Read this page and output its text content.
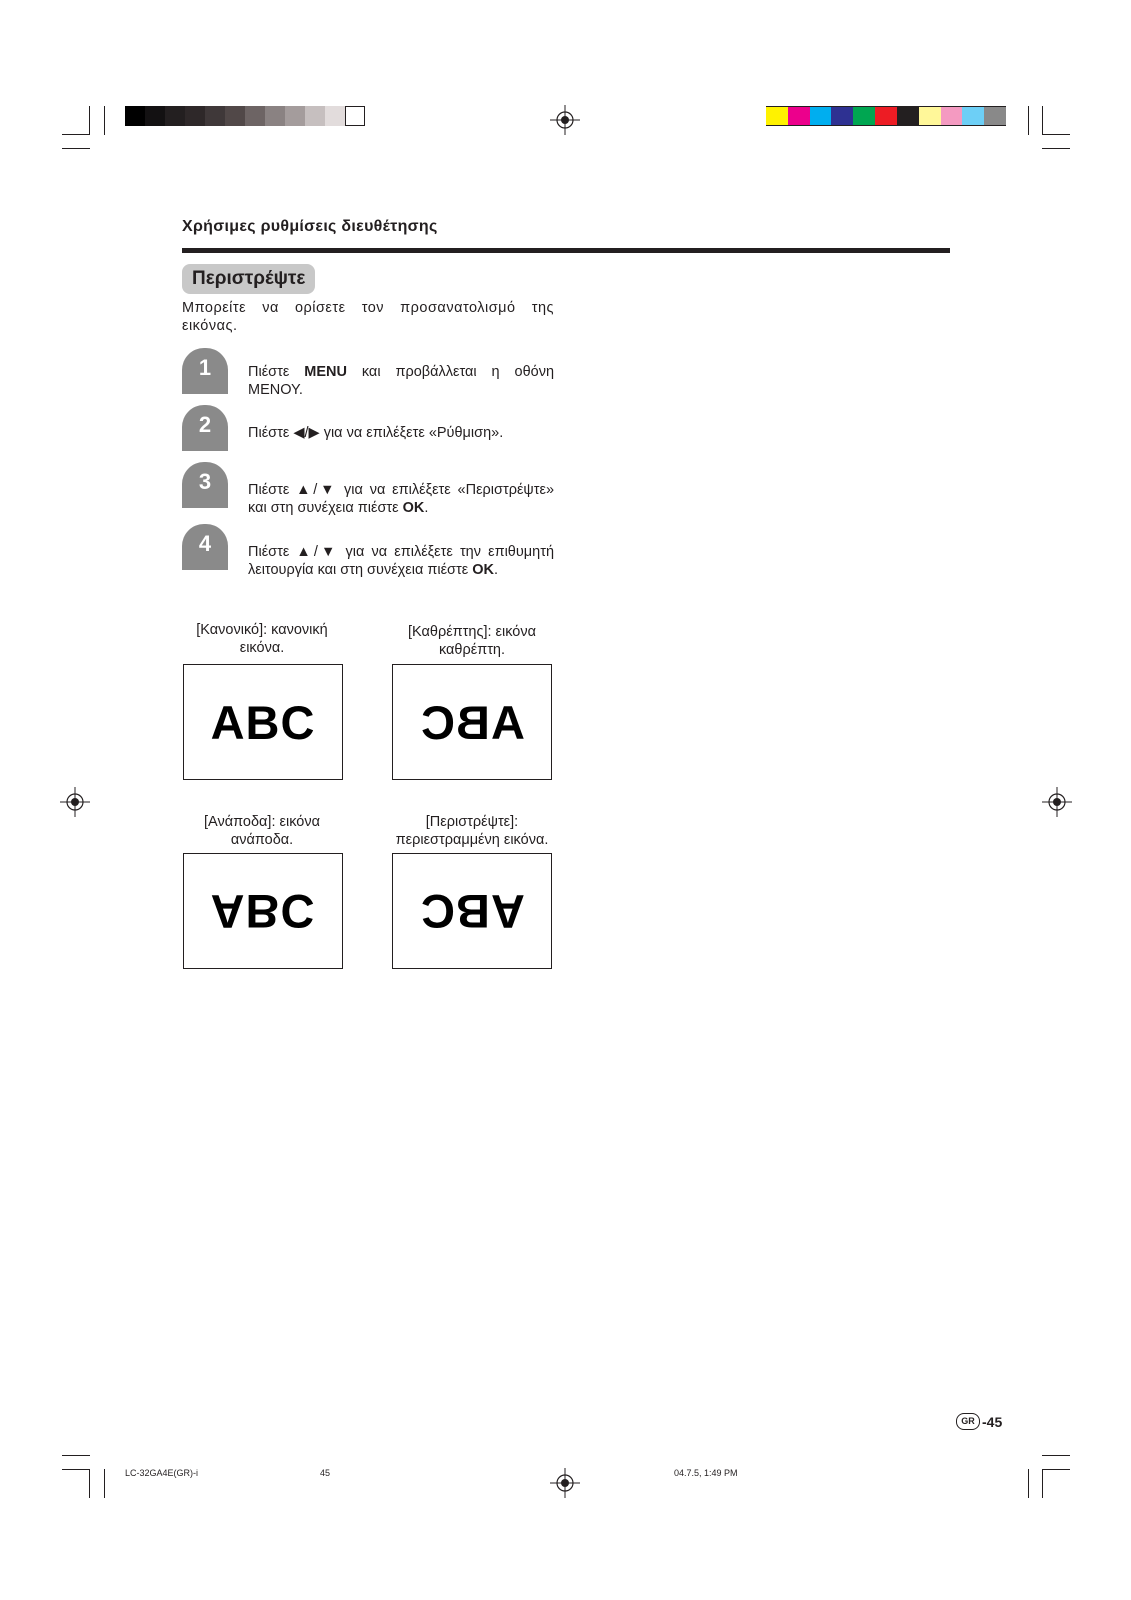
Χρήσιμες ρυθμίσεις διευθέτησης
Περιστρέψτε
Μπορείτε να ορίσετε τον προσανατολισμό της εικόνας.
1	Πιέστε MENU και προβάλλεται η οθόνη ΜΕΝΟΥ.
2	Πιέστε ◀/▶ για να επιλέξετε «Ρύθμιση».
3	Πιέστε ▲/▼ για να επιλέξετε «Περιστρέψτε» και στη συνέχεια πιέστε OK.
4	Πιέστε ▲/▼ για να επιλέξετε την επιθυμητή λειτουργία και στη συνέχεια πιέστε OK.
[Κανονικό]: κανονική εικόνα.
ABC
[Καθρέπτης]: εικόνα καθρέπτη.
ABC
[Ανάποδα]: εικόνα ανάποδα.
ABC
[Περιστρέψτε]: περιεστραμμένη εικόνα.
ABC
GR -45
LC-32GA4E(GR)-i	45	04.7.5, 1:49 PM
